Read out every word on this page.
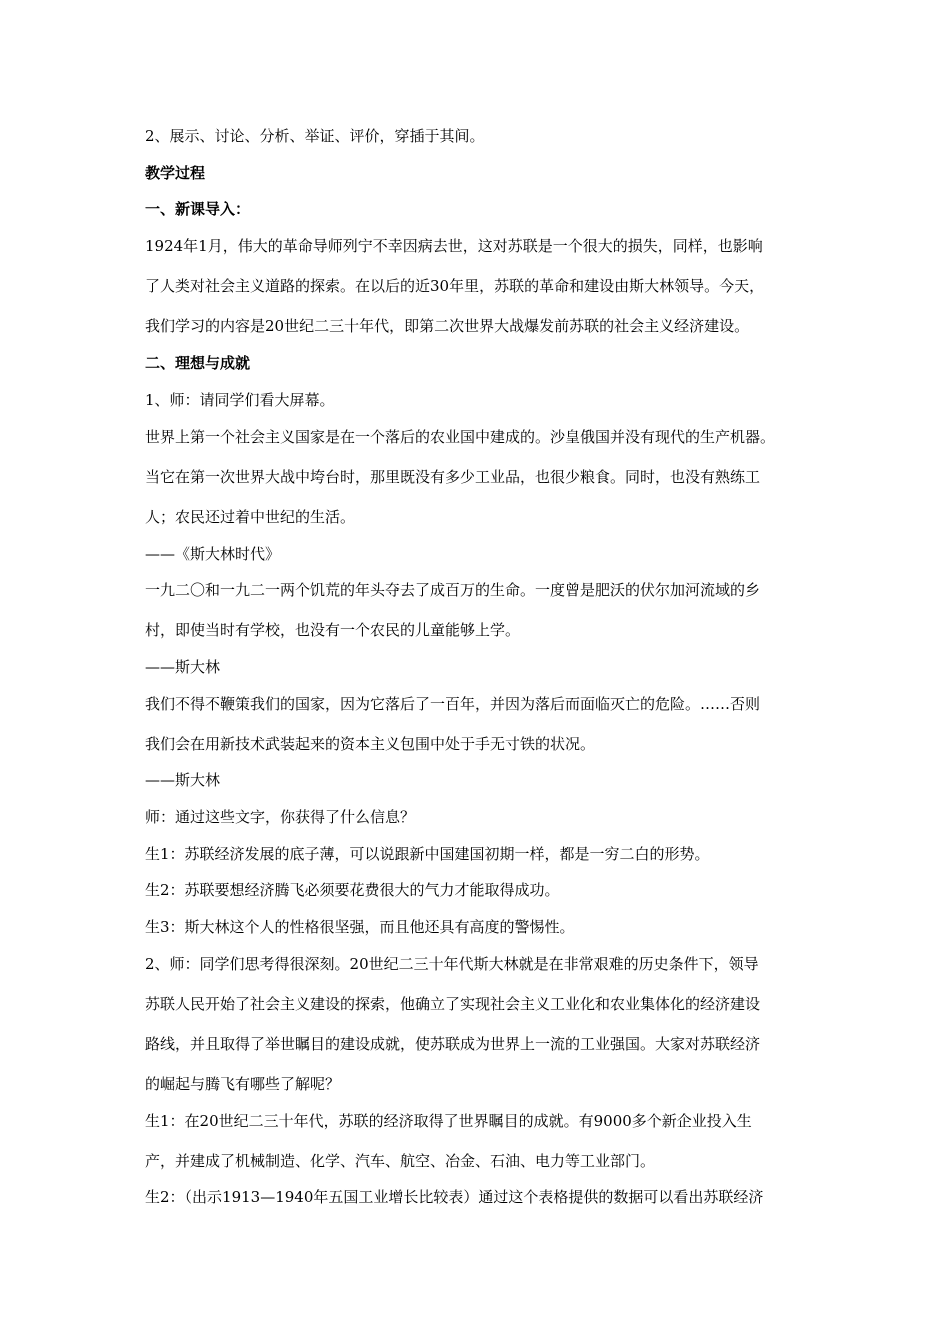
2、展示、讨论、分析、举证、评价，穿插于其间。
教学过程
一、新课导入：
1924年1月，伟大的革命导师列宁不幸因病去世，这对苏联是一个很大的损失，同样，也影响
了人类对社会主义道路的探索。在以后的近30年里，苏联的革命和建设由斯大林领导。今天，
我们学习的内容是20世纪二三十年代，即第二次世界大战爆发前苏联的社会主义经济建设。
二、理想与成就
1、师：请同学们看大屏幕。
世界上第一个社会主义国家是在一个落后的农业国中建成的。沙皇俄国并没有现代的生产机器。
当它在第一次世界大战中垮台时，那里既没有多少工业品，也很少粮食。同时，也没有熟练工
人；农民还过着中世纪的生活。
——《斯大林时代》
一九二〇和一九二一两个饥荒的年头夺去了成百万的生命。一度曾是肥沃的伏尔加河流域的乡
村，即使当时有学校，也没有一个农民的儿童能够上学。
——斯大林
我们不得不鞭策我们的国家，因为它落后了一百年，并因为落后而面临灭亡的危险。……否则
我们会在用新技术武装起来的资本主义包围中处于手无寸铁的状况。
——斯大林
师：通过这些文字，你获得了什么信息？
生1：苏联经济发展的底子薄，可以说跟新中国建国初期一样，都是一穷二白的形势。
生2：苏联要想经济腾飞必须要花费很大的气力才能取得成功。
生3：斯大林这个人的性格很坚强，而且他还具有高度的警惕性。
2、师：同学们思考得很深刻。20世纪二三十年代斯大林就是在非常艰难的历史条件下，领导
苏联人民开始了社会主义建设的探索，他确立了实现社会主义工业化和农业集体化的经济建设
路线，并且取得了举世瞩目的建设成就，使苏联成为世界上一流的工业强国。大家对苏联经济
的崛起与腾飞有哪些了解呢？
生1：在20世纪二三十年代，苏联的经济取得了世界瞩目的成就。有9000多个新企业投入生
产，并建成了机械制造、化学、汽车、航空、冶金、石油、电力等工业部门。
生2：（出示1913—1940年五国工业增长比较表）通过这个表格提供的数据可以看出苏联经济
